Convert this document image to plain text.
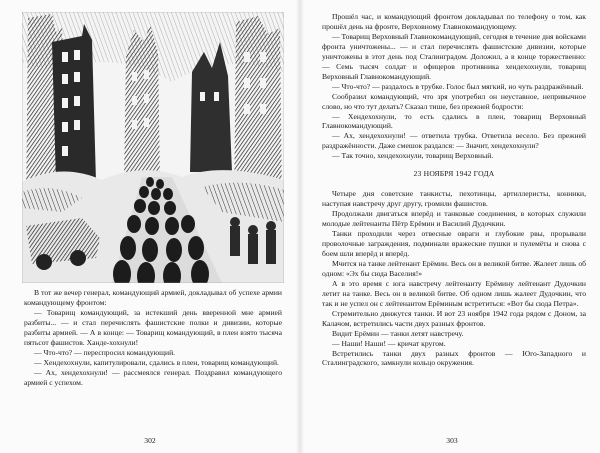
В тот же вечер генерал, командующий армией, докладывал об успехе армии командующему фронтом:

— Товарищ командующий, за истекший день вверенной мне армией разбиты... — и стал перечислять фашистские полки и дивизии, которые разбиты армией. — А в конце: — Товарищ командующий, в плен взято тысяча пятьсот фашистов. Ханде-хохнули!

— Что-что? — переспросил командующий.

— Хендехохнули, капитулировали, сдались в плен, товарищ командующий.

— Ах, хендехохнули! — рассмеялся генерал. Поздравил командующего армией с успехом.

302

Прошёл час, и командующий фронтом докладывал по телефону о том, как прошёл день на фронте, Верховному Главнокомандующему.

— Товарищ Верховный Главнокомандующий, сегодня в течение дня войсками фронта уничтожены... — и стал перечислять фашистские дивизии, которые уничтожены в этот день под Сталинградом. Доложил, а в конце торжественно: — Семь тысяч солдат и офицеров противника хендехохнули, товарищ Верховный Главнокомандующий.

— Что-что? — раздалось в трубке. Голос был мягкий, но чуть раздражённый.

Сообразил командующий, что зря употребил он неуставное, непривычное слово, но что тут делать? Сказал тише, без прежней бодрости:

— Хендехохнули, то есть сдались в плен, товарищ Верховный Главнокомандующий.

— Ах, хендехохнули! — ответила трубка. Ответила весело. Без прежней раздражённости. Даже смешок раздался: — Значит, хендехохнули?

— Так точно, хендехохнули, товарищ Верховный.

23 НОЯБРЯ 1942 ГОДА

Четыре дня советские танкисты, пехотинцы, артиллеристы, конники, наступая навстречу друг другу, громили фашистов.

Продолжали двигаться вперёд и танковые соединения, в которых служили молодые лейтенанты Пётр Ерёмин и Василий Дудочкин.

Танки проходили через отвесные овраги и глубокие рвы, прорывали проволочные заграждения, подминали вражеские пушки и пулемёты и снова с боем шли вперёд и вперёд.

Мчится на танке лейтенант Ерёмин. Весь он в великой битве. Жалеет лишь об одном: «Эх бы сюда Васелия!»

А в это время с юга навстречу лейтенанту Ерёмину лейтенант Дудочкин летит на танке. Весь он в великой битве. Об одном лишь жалеет Дудочкин, что так и не успел он с лейтенантом Ерёминым встретиться: «Вот бы сюда Петра».

Стремительно движутся танки. И вот 23 ноября 1942 года рядом с Доном, за Калачом, встретились части двух разных фронтов.

Видит Ерёмин — танки летят навстречу.

— Наши! Наши! — кричат кругом.

Встретились танки двух разных фронтов — Юго-Западного и Сталинградского, замкнули кольцо окружения.

303
